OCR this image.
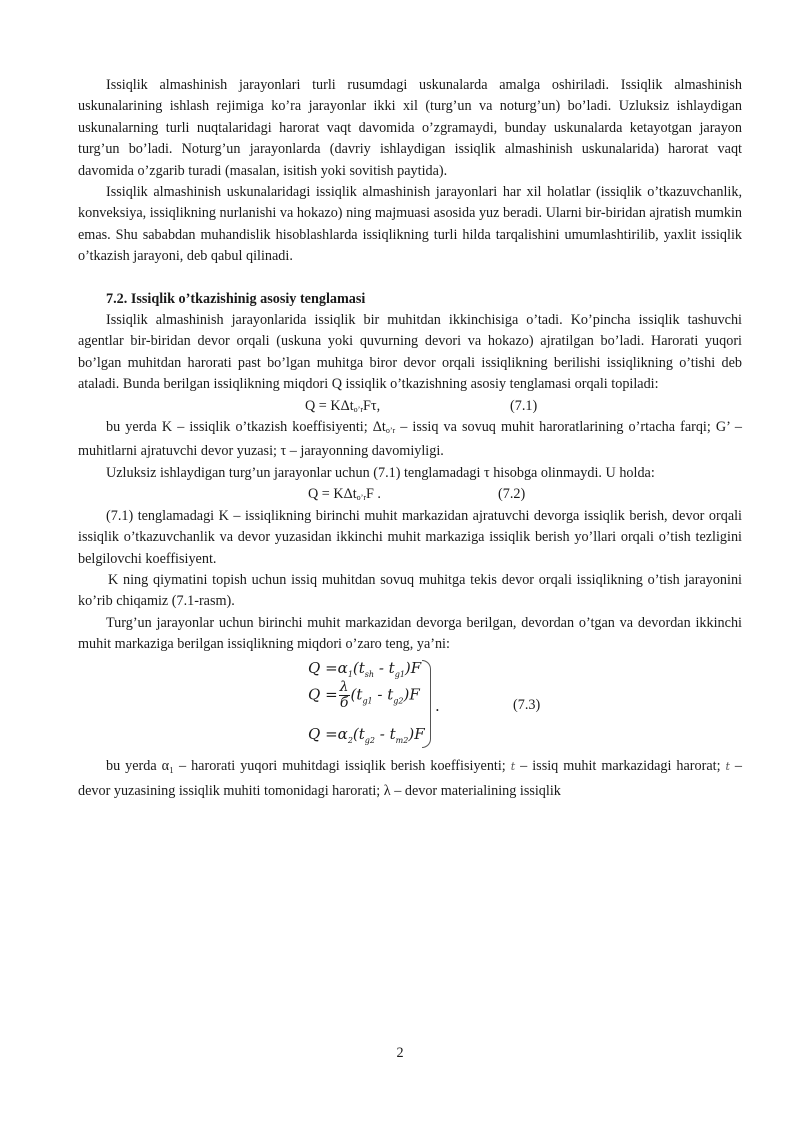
Issiqlik almashinish jarayonlari turli rusumdagi uskunalarda amalga oshiriladi. Issiqlik almashinish uskunalarining ishlash rejimiga ko’ra jarayonlar ikki xil (turg’un va noturg’un) bo’ladi. Uzluksiz ishlaydigan uskunalarning turli nuqtalaridagi harorat vaqt davomida o’zgramaydi, bunday uskunalarda ketayotgan jarayon turg’un bo’ladi. Noturg’un jarayonlarda (davriy ishlaydigan issiqlik almashinish uskunalarida) harorat vaqt davomida o’zgarib turadi (masalan, isitish yoki sovitish paytida).

Issiqlik almashinish uskunalaridagi issiqlik almashinish jarayonlari har xil holatlar (issiqlik o’tkazuvchanlik, konveksiya, issiqlikning nurlanishi va hokazo) ning majmuasi asosida yuz beradi. Ularni bir-biridan ajratish mumkin emas. Shu sababdan muhandislik hisoblashlarda issiqlikning turli hilda tarqalishini umumlashtirilib, yaxlit issiqlik o’tkazish jarayoni, deb qabul qilinadi.

7.2. Issiqlik o’tkazishinig asosiy tenglamasi

Issiqlik almashinish jarayonlarida issiqlik bir muhitdan ikkinchisiga o’tadi. Ko’pincha issiqlik tashuvchi agentlar bir-biridan devor orqali (uskuna yoki quvurning devori va hokazo) ajratilgan bo’ladi. Harorati yuqori bo’lgan muhitdan harorati past bo’lgan muhitga biror devor orqali issiqlikning berilishi issiqlikning o’tishi deb ataladi. Bunda berilgan issiqlikning miqdori Q issiqlik o’tkazishning asosiy tenglamasi orqali topiladi:

Q = KΔt$_{o’r}$Fτ,	(7.1)

bu yerda K – issiqlik o’tkazish koeffisiyenti; $\Delta t_{o’r}$ – issiq va sovuq muhit haroratlarining o’rtacha farqi; G’ – muhitlarni ajratuvchi devor yuzasi; τ – jarayonning davomiyligi.

Uzluksiz ishlaydigan turg’un jarayonlar uchun (7.1) tenglamadagi τ hisobga olinmaydi. U holda:

Q = KΔt$_{o’r}$F .	(7.2)

(7.1) tenglamadagi K – issiqlikning birinchi muhit markazidan ajratuvchi devorga issiqlik berish, devor orqali issiqlik o’tkazuvchanlik va devor yuzasidan ikkinchi muhit markaziga issiqlik berish yo’llari orqali o’tish tezligini belgilovchi koeffisiyent.

K ning qiymatini topish uchun issiq muhitdan sovuq muhitga tekis devor orqali issiqlikning o’tish jarayonini ko’rib chiqamiz (7.1-rasm).

Turg’un jarayonlar uchun birinchi muhit markazidan devorga berilgan, devordan o’tgan va devordan ikkinchi muhit markaziga berilgan issiqlikning miqdori o’zaro teng, ya’ni:

$Q =\alpha_1(t_{sh} - t_{g1})F$
$Q = \frac{\lambda}{б} (t_{g1} - t_{g2})F$
$Q =\alpha_2(t_{g2} - t_{m2})F$
.	(7.3)

bu yerda α₁ – harorati yuqori muhitdagi issiqlik berish koeffisiyenti; t – issiq muhit markazidagi harorat; t – devor yuzasining issiqlik muhiti tomonidagi harorati; λ – devor materialining issiqlik

2
